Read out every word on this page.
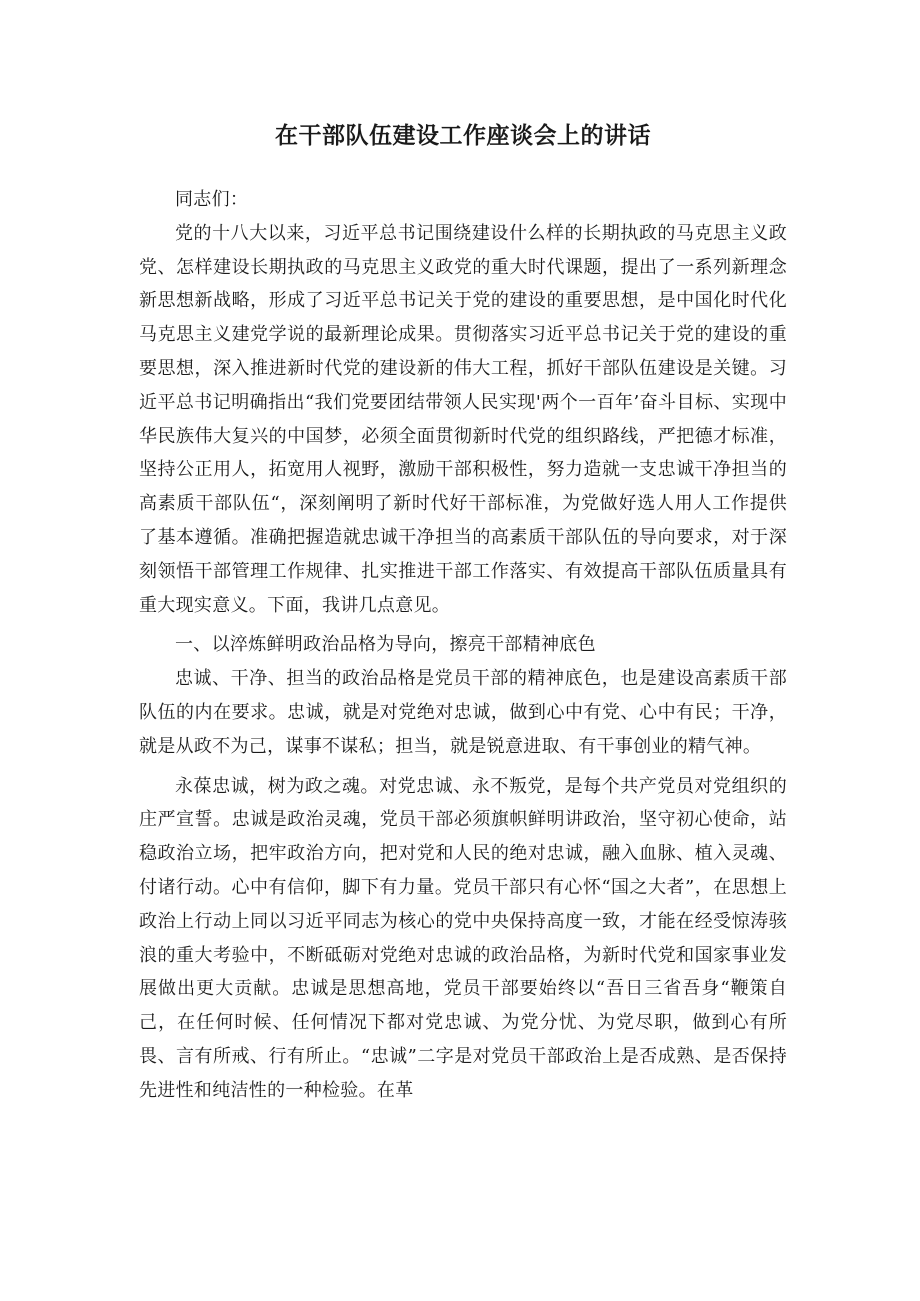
在干部队伍建设工作座谈会上的讲话

同志们：

党的十八大以来，习近平总书记围绕建设什么样的长期执政的马克思主义政党、怎样建设长期执政的马克思主义政党的重大时代课题，提出了一系列新理念新思想新战略，形成了习近平总书记关于党的建设的重要思想，是中国化时代化马克思主义建党学说的最新理论成果。贯彻落实习近平总书记关于党的建设的重要思想，深入推进新时代党的建设新的伟大工程，抓好干部队伍建设是关键。习近平总书记明确指出“我们党要团结带领人民实现'两个一百年’奋斗目标、实现中华民族伟大复兴的中国梦，必须全面贯彻新时代党的组织路线，严把德才标准，坚持公正用人，拓宽用人视野，激励干部积极性，努力造就一支忠诚干净担当的高素质干部队伍“，深刻阐明了新时代好干部标准，为党做好选人用人工作提供了基本遵循。准确把握造就忠诚干净担当的高素质干部队伍的导向要求，对于深刻领悟干部管理工作规律、扎实推进干部工作落实、有效提高干部队伍质量具有重大现实意义。下面，我讲几点意见。

一、以淬炼鲜明政治品格为导向，擦亮干部精神底色

忠诚、干净、担当的政治品格是党员干部的精神底色，也是建设高素质干部队伍的内在要求。忠诚，就是对党绝对忠诚，做到心中有党、心中有民；干净，就是从政不为己，谋事不谋私；担当，就是锐意进取、有干事创业的精气神。

永葆忠诚，树为政之魂。对党忠诚、永不叛党，是每个共产党员对党组织的庄严宣誓。忠诚是政治灵魂，党员干部必须旗帜鲜明讲政治，坚守初心使命，站稳政治立场，把牢政治方向，把对党和人民的绝对忠诚，融入血脉、植入灵魂、付诸行动。心中有信仰，脚下有力量。党员干部只有心怀“国之大者”，在思想上政治上行动上同以习近平同志为核心的党中央保持高度一致，才能在经受惊涛骇浪的重大考验中，不断砥砺对党绝对忠诚的政治品格，为新时代党和国家事业发展做出更大贡献。忠诚是思想高地，党员干部要始终以“吾日三省吾身“鞭策自己，在任何时候、任何情况下都对党忠诚、为党分忧、为党尽职，做到心有所畏、言有所戒、行有所止。“忠诚”二字是对党员干部政治上是否成熟、是否保持先进性和纯洁性的一种检验。在革
